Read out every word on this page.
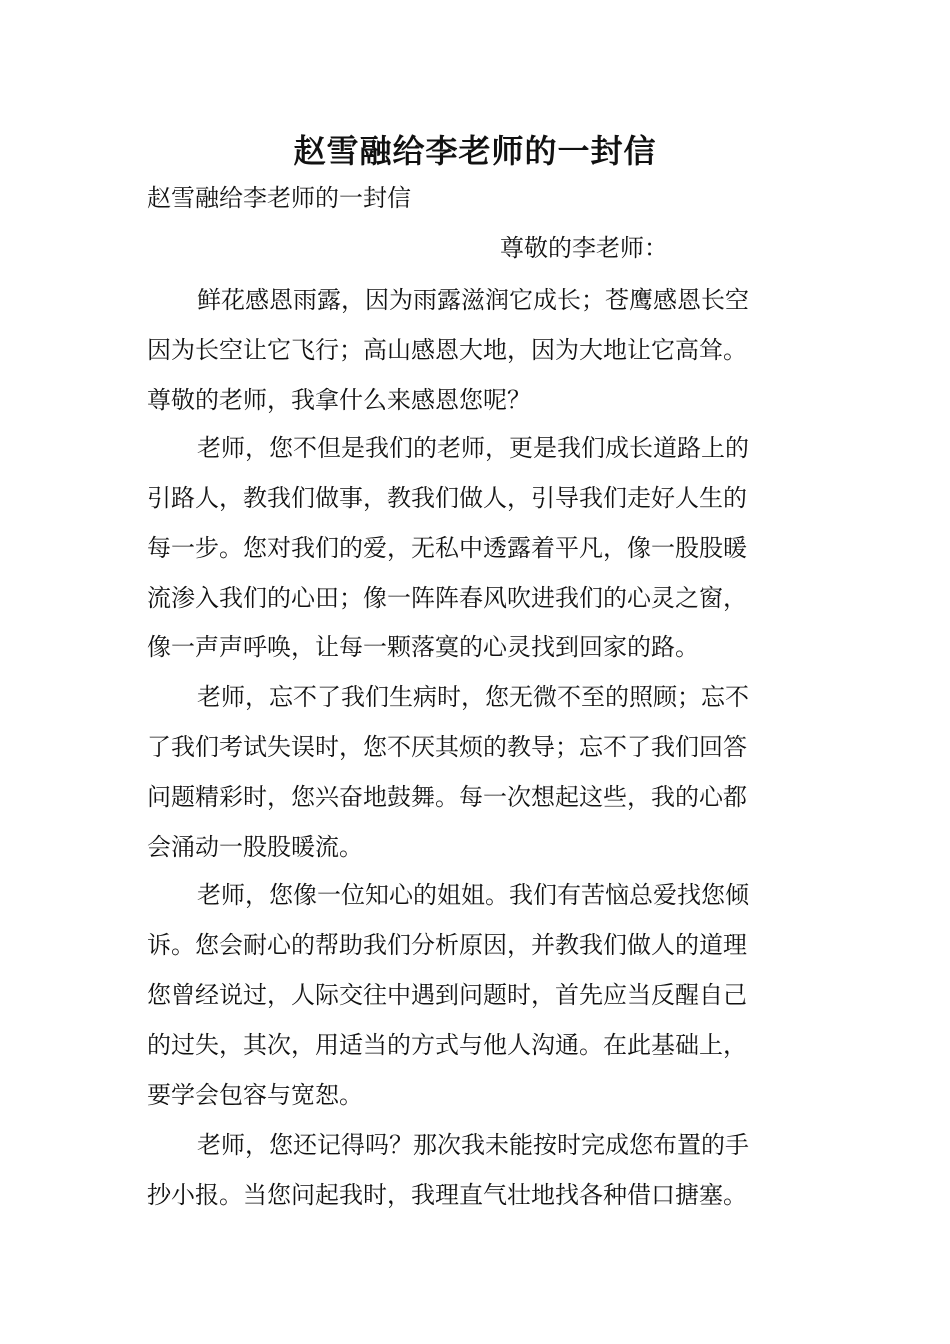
赵雪融给李老师的一封信
赵雪融给李老师的一封信
尊敬的李老师：
鲜花感恩雨露，因为雨露滋润它成长；苍鹰感恩长空
因为长空让它飞行；高山感恩大地，因为大地让它高耸。
尊敬的老师，我拿什么来感恩您呢？
老师，您不但是我们的老师，更是我们成长道路上的
引路人，教我们做事，教我们做人，引导我们走好人生的
每一步。您对我们的爱，无私中透露着平凡，像一股股暖
流渗入我们的心田；像一阵阵春风吹进我们的心灵之窗，
像一声声呼唤，让每一颗落寞的心灵找到回家的路。
老师，忘不了我们生病时，您无微不至的照顾；忘不
了我们考试失误时，您不厌其烦的教导；忘不了我们回答
问题精彩时，您兴奋地鼓舞。每一次想起这些，我的心都
会涌动一股股暖流。
老师，您像一位知心的姐姐。我们有苦恼总爱找您倾
诉。您会耐心的帮助我们分析原因，并教我们做人的道理
您曾经说过，人际交往中遇到问题时，首先应当反醒自己
的过失，其次，用适当的方式与他人沟通。在此基础上，
要学会包容与宽恕。
老师，您还记得吗？那次我未能按时完成您布置的手
抄小报。当您问起我时，我理直气壮地找各种借口搪塞。
